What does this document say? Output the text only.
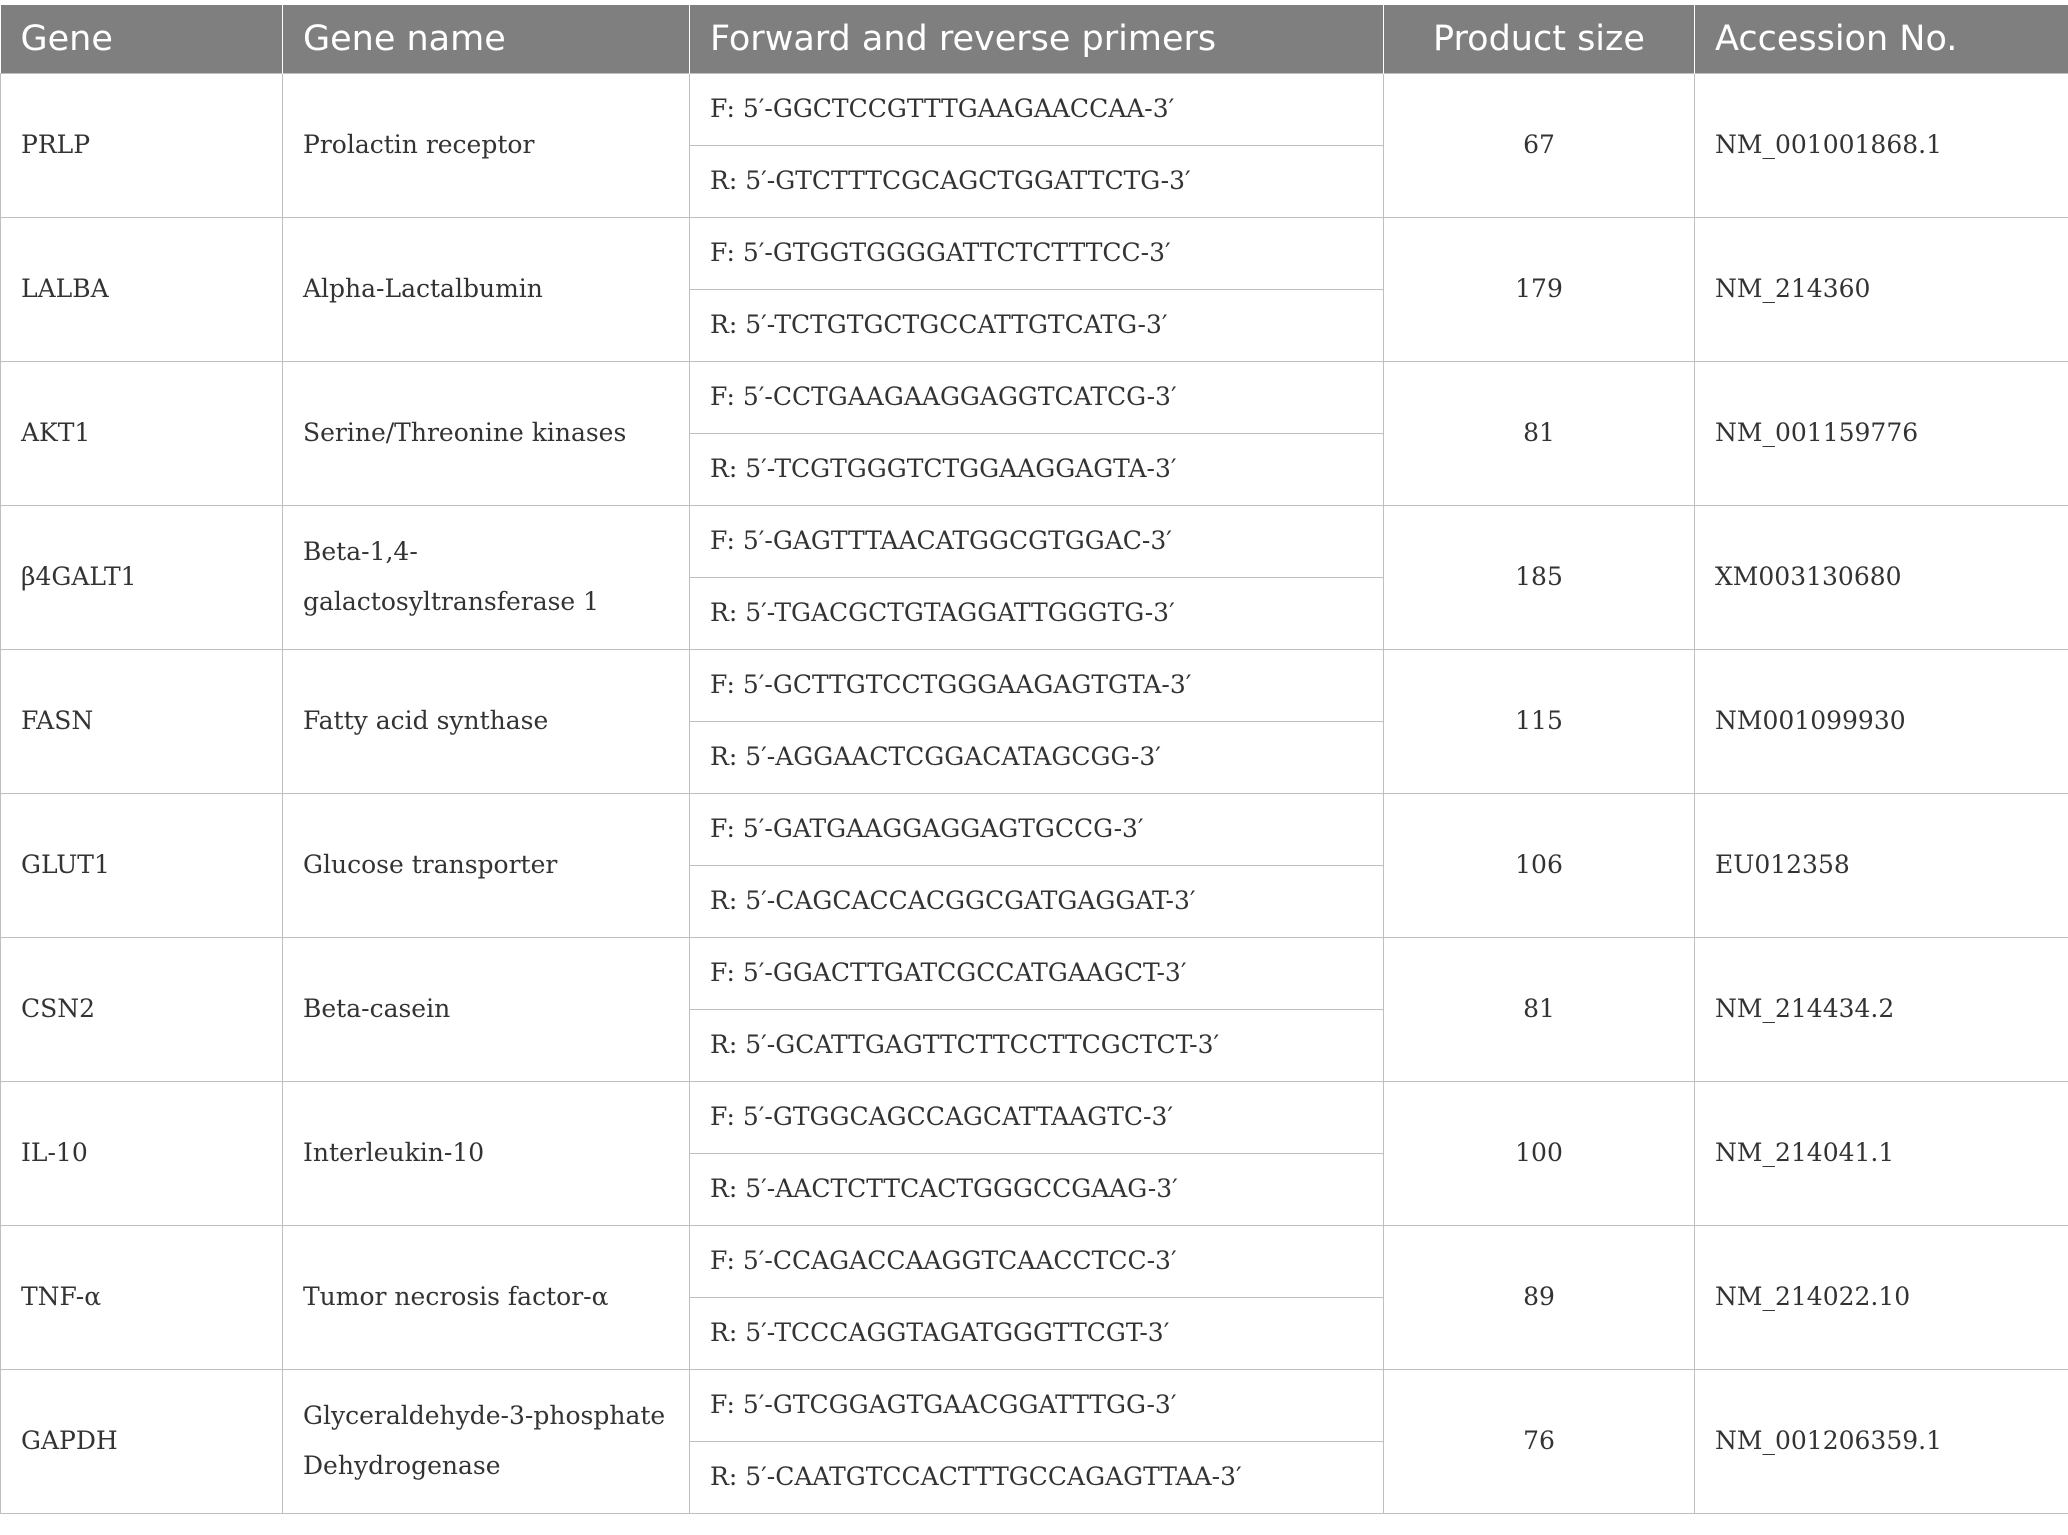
Gene	Gene name	Forward and reverse primers	Product size	Accession No.
PRLP	Prolactin receptor	F: 5′-GGCTCCGTTTGAAGAACCAA-3′	67	NM_001001868.1
		R: 5′-GTCTTTCGCAGCTGGATTCTG-3′		
LALBA	Alpha-Lactalbumin	F: 5′-GTGGTGGGGATTCTCTTTCC-3′	179	NM_214360
		R: 5′-TCTGTGCTGCCATTGTCATG-3′		
AKT1	Serine/Threonine kinases	F: 5′-CCTGAAGAAGGAGGTCATCG-3′	81	NM_001159776
		R: 5′-TCGTGGGTCTGGAAGGAGTA-3′		
β4GALT1	Beta-1,4-galactosyltransferase 1	F: 5′-GAGTTTAACATGGCGTGGAC-3′	185	XM003130680
		R: 5′-TGACGCTGTAGGATTGGGTG-3′		
FASN	Fatty acid synthase	F: 5′-GCTTGTCCTGGGAAGAGTGTA-3′	115	NM001099930
		R: 5′-AGGAACTCGGACATAGCGG-3′		
GLUT1	Glucose transporter	F: 5′-GATGAAGGAGGAGTGCCG-3′	106	EU012358
		R: 5′-CAGCACCACGGCGATGAGGAT-3′		
CSN2	Beta-casein	F: 5′-GGACTTGATCGCCATGAAGCT-3′	81	NM_214434.2
		R: 5′-GCATTGAGTTCTTCCTTCGCTCT-3′		
IL-10	Interleukin-10	F: 5′-GTGGCAGCCAGCATTAAGTC-3′	100	NM_214041.1
		R: 5′-AACTCTTCACTGGGCCGAAG-3′		
TNF-α	Tumor necrosis factor-α	F: 5′-CCAGACCAAGGTCAACCTCC-3′	89	NM_214022.10
		R: 5′-TCCCAGGTAGATGGGTTCGT-3′		
GAPDH	Glyceraldehyde-3-phosphate Dehydrogenase	F: 5′-GTCGGAGTGAACGGATTTGG-3′	76	NM_001206359.1
		R: 5′-CAATGTCCACTTTGCCAGAGTTAA-3′		
